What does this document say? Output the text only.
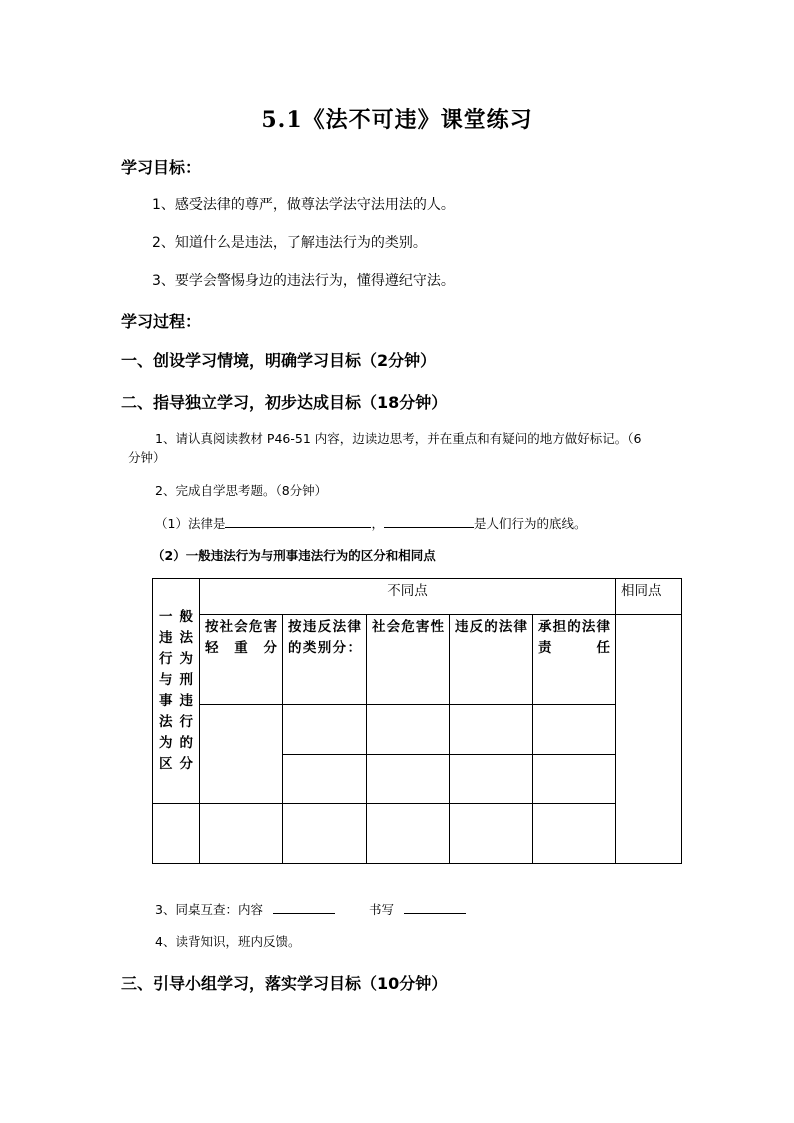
5.1《法不可违》课堂练习
学习目标：
1、感受法律的尊严，做尊法学法守法用法的人。
2、知道什么是违法，了解违法行为的类别。
3、要学会警惕身边的违法行为，懂得遵纪守法。
学习过程：
一、创设学习情境，明确学习目标（2分钟）
二、指导独立学习，初步达成目标（18分钟）
1、请认真阅读教材 P46-51 内容，边读边思考，并在重点和有疑问的地方做好标记。（6
分钟）
2、完成自学思考题。（8分钟）
（1）法律是	，	是人们行为的底线。
（2）一般违法行为与刑事违法行为的区分和相同点
一般违法行为与刑事违法行为的区分	不同点					相同点
	按社会危害轻重分	按违反法律的类别分：	社会危害性	违反的法律	承担的法律责任	

3、同桌互查：内容	书写
4、读背知识，班内反馈。
三、引导小组学习，落实学习目标（10分钟）
